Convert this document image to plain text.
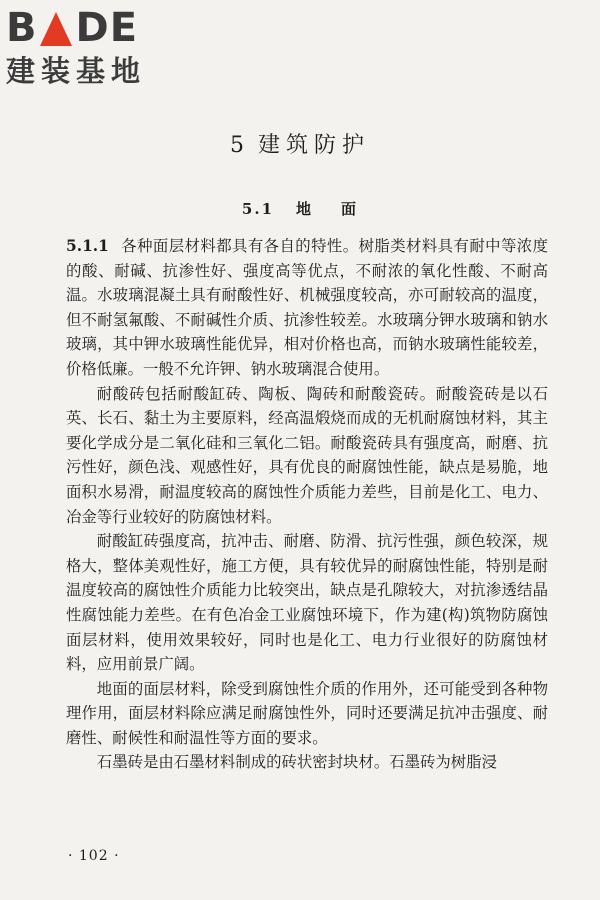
B DE
建装基地
5 建筑防护
5.1 地 面

5.1.1 各种面层材料都具有各自的特性。树脂类材料具有耐中等浓度的酸、耐碱、抗渗性好、强度高等优点，不耐浓的氧化性酸、不耐高温。水玻璃混凝土具有耐酸性好、机械强度较高，亦可耐较高的温度，但不耐氢氟酸、不耐碱性介质、抗渗性较差。水玻璃分钾水玻璃和钠水玻璃，其中钾水玻璃性能优异，相对价格也高，而钠水玻璃性能较差，价格低廉。一般不允许钾、钠水玻璃混合使用。

耐酸砖包括耐酸缸砖、陶板、陶砖和耐酸瓷砖。耐酸瓷砖是以石英、长石、黏土为主要原料，经高温煅烧而成的无机耐腐蚀材料，其主要化学成分是二氧化硅和三氧化二铝。耐酸瓷砖具有强度高，耐磨、抗污性好，颜色浅、观感性好，具有优良的耐腐蚀性能，缺点是易脆，地面积水易滑，耐温度较高的腐蚀性介质能力差些，目前是化工、电力、冶金等行业较好的防腐蚀材料。

耐酸缸砖强度高，抗冲击、耐磨、防滑、抗污性强，颜色较深，规格大，整体美观性好，施工方便，具有较优异的耐腐蚀性能，特别是耐温度较高的腐蚀性介质能力比较突出，缺点是孔隙较大，对抗渗透结晶性腐蚀能力差些。在有色冶金工业腐蚀环境下，作为建(构)筑物防腐蚀面层材料，使用效果较好，同时也是化工、电力行业很好的防腐蚀材料，应用前景广阔。

地面的面层材料，除受到腐蚀性介质的作用外，还可能受到各种物理作用，面层材料除应满足耐腐蚀性外，同时还要满足抗冲击强度、耐磨性、耐候性和耐温性等方面的要求。

石墨砖是由石墨材料制成的砖状密封块材。石墨砖为树脂浸

· 102 ·
